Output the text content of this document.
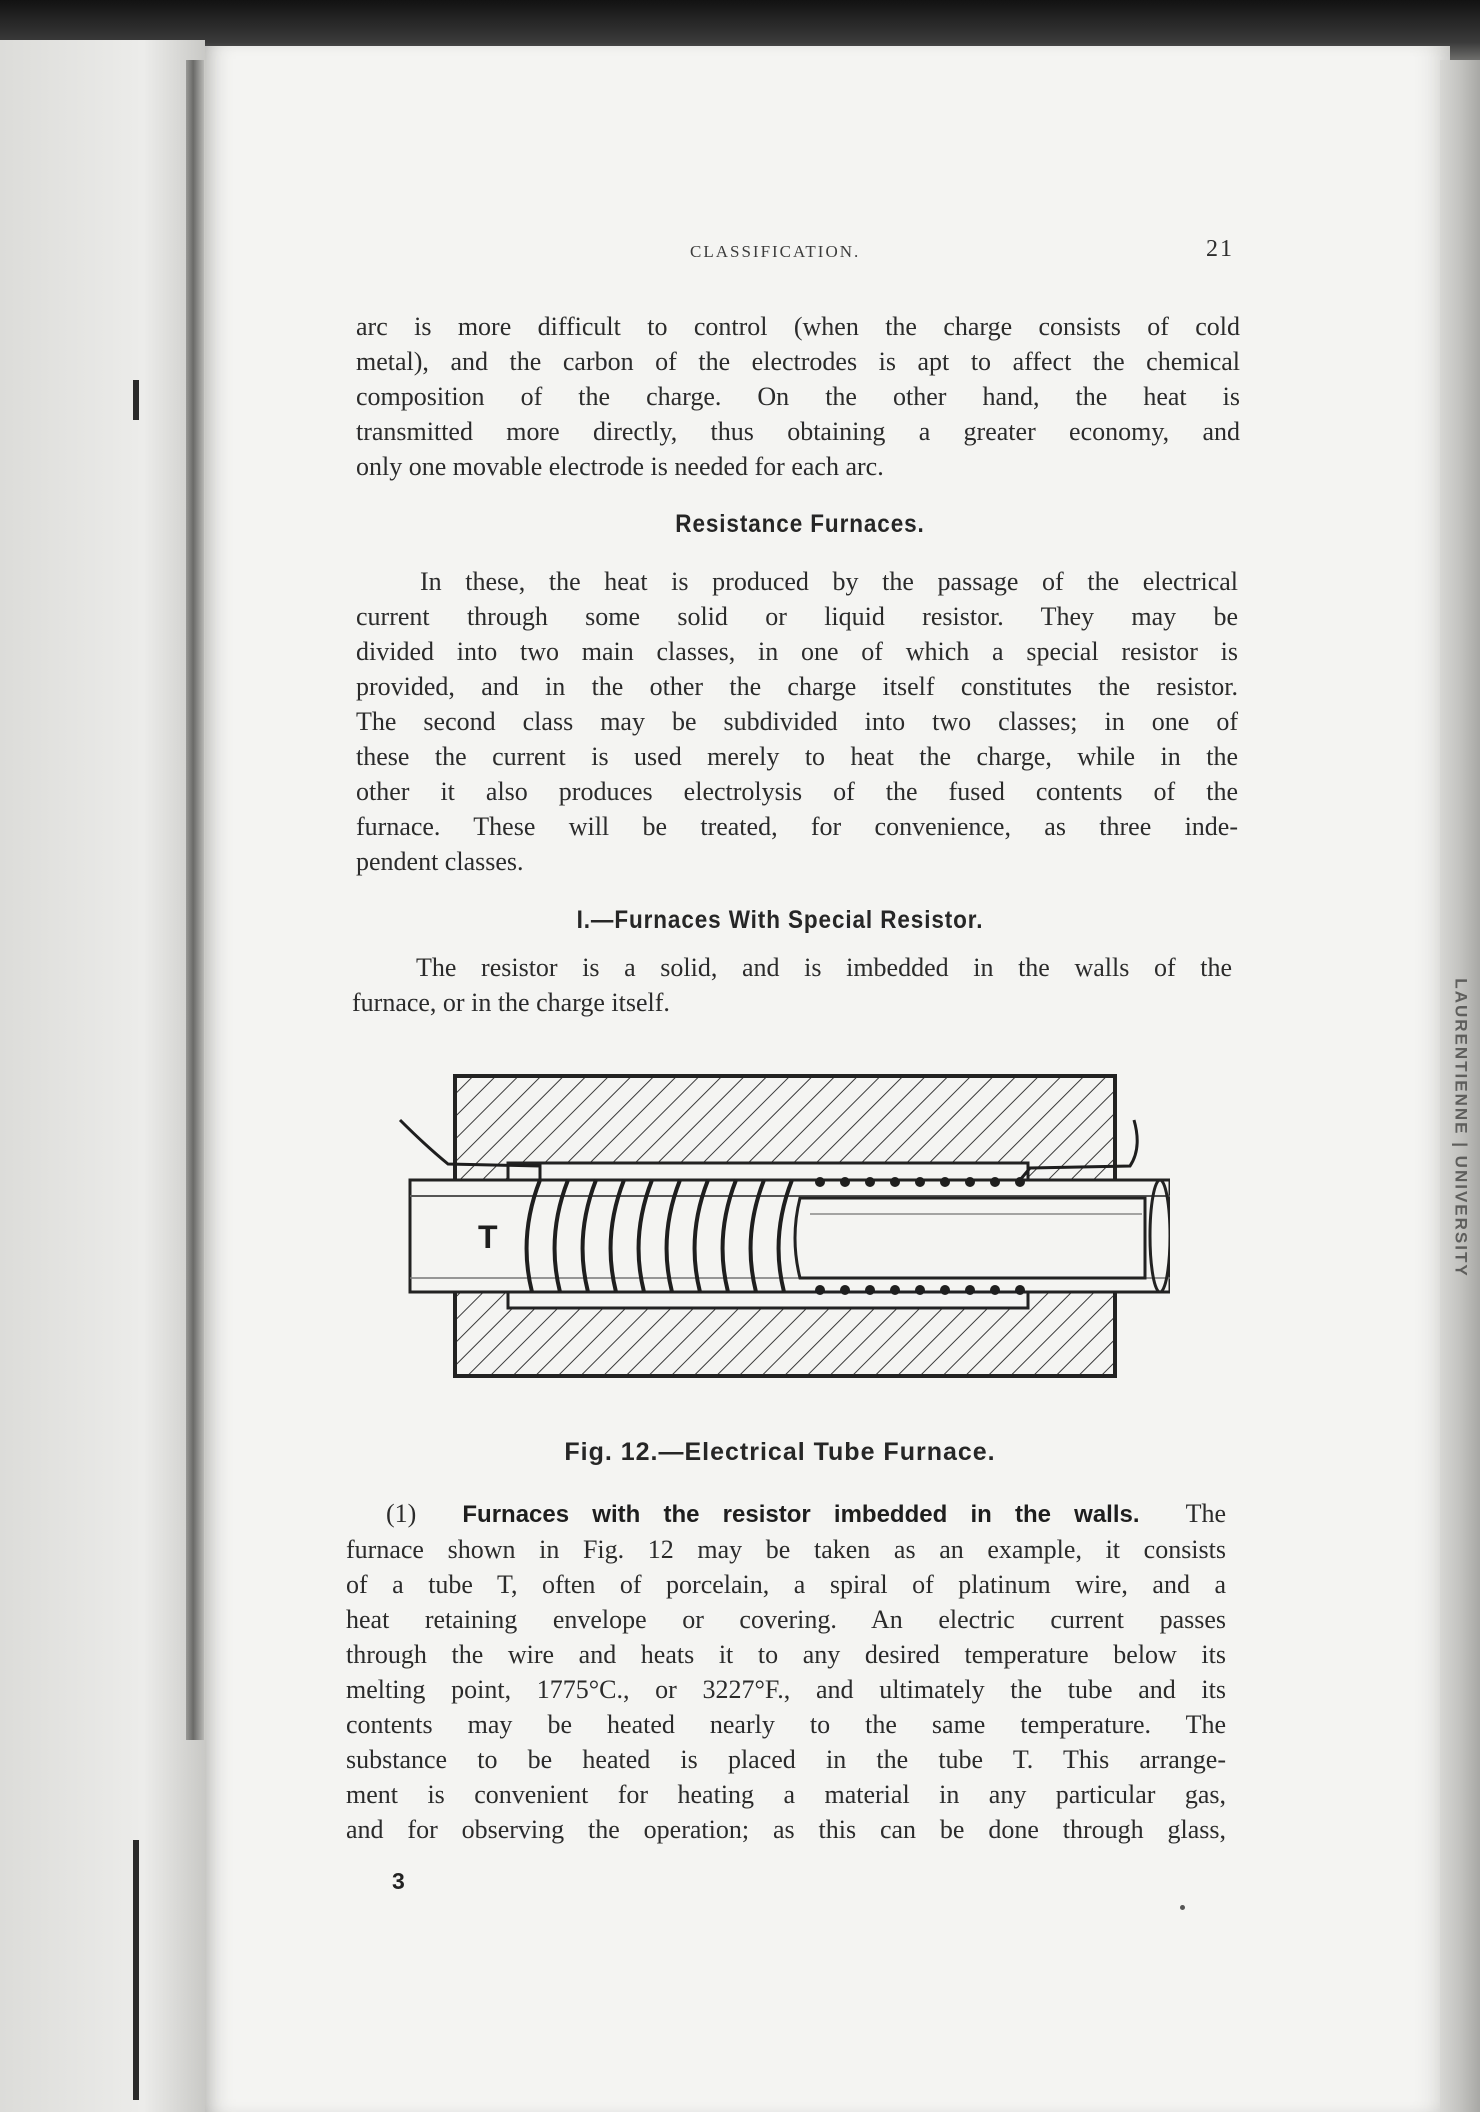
LAURENTIENNE | UNIVERSITY
CLASSIFICATION.	21

arc is more difficult to control (when the charge consists of cold
metal), and the carbon of the electrodes is apt to affect the chemical
composition of the charge. On the other hand, the heat is
transmitted more directly, thus obtaining a greater economy, and
only one movable electrode is needed for each arc.

Resistance Furnaces.

In these, the heat is produced by the passage of the electrical
current through some solid or liquid resistor. They may be
divided into two main classes, in one of which a special resistor is
provided, and in the other the charge itself constitutes the resistor.
The second class may be subdivided into two classes; in one of
these the current is used merely to heat the charge, while in the
other it also produces electrolysis of the fused contents of the
furnace. These will be treated, for convenience, as three inde-
pendent classes.

I.—Furnaces With Special Resistor.

The resistor is a solid, and is imbedded in the walls of the
furnace, or in the charge itself.

T
Fig. 12.—Electrical Tube Furnace.

(1) Furnaces with the resistor imbedded in the walls. The
furnace shown in Fig. 12 may be taken as an example, it consists
of a tube T, often of porcelain, a spiral of platinum wire, and a
heat retaining envelope or covering. An electric current passes
through the wire and heats it to any desired temperature below its
melting point, 1775°C., or 3227°F., and ultimately the tube and its
contents may be heated nearly to the same temperature. The
substance to be heated is placed in the tube T. This arrange-
ment is convenient for heating a material in any particular gas,
and for observing the operation; as this can be done through glass,

3
